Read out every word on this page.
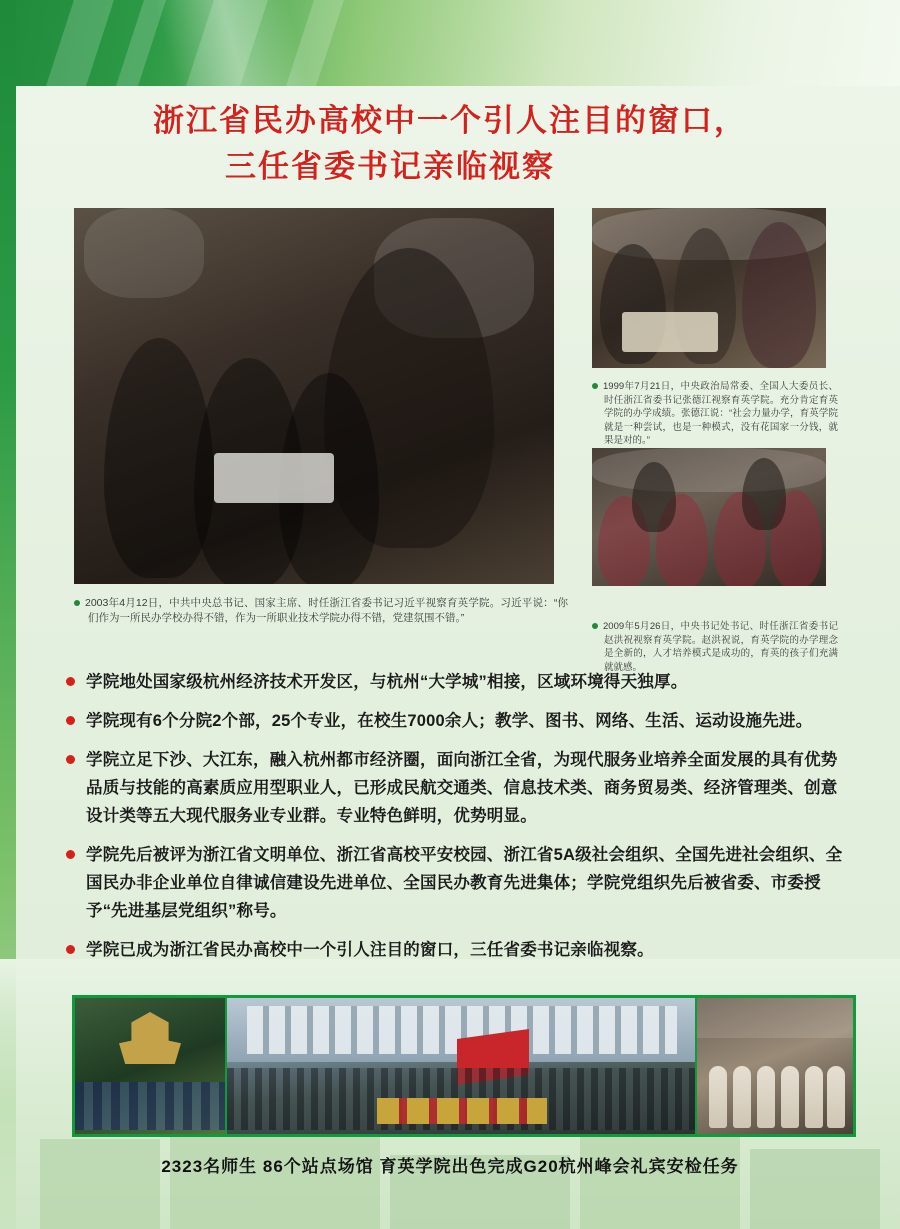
浙江省民办高校中一个引人注目的窗口，
三任省委书记亲临视察
2003年4月12日，中共中央总书记、国家主席、时任浙江省委书记习近平视察育英学院。习近平说：“你们作为一所民办学校办得不错，作为一所职业技术学院办得不错，党建氛围不错。”
1999年7月21日，中央政治局常委、全国人大委员长、时任浙江省委书记张德江视察育英学院。充分肯定育英学院的办学成绩。张德江说：“社会力量办学，育英学院就是一种尝试，也是一种模式，没有花国家一分钱，就果是对的。”
2009年5月26日，中央书记处书记、时任浙江省委书记赵洪祝视察育英学院。赵洪祝说，育英学院的办学理念是全新的，人才培养模式是成功的，育英的孩子们充满就就感。
学院地处国家级杭州经济技术开发区，与杭州“大学城”相接，区域环境得天独厚。
学院现有6个分院2个部，25个专业，在校生7000余人；教学、图书、网络、生活、运动设施先进。
学院立足下沙、大江东，融入杭州都市经济圈，面向浙江全省，为现代服务业培养全面发展的具有优势品质与技能的高素质应用型职业人，已形成民航交通类、信息技术类、商务贸易类、经济管理类、创意设计类等五大现代服务业专业群。专业特色鲜明，优势明显。
学院先后被评为浙江省文明单位、浙江省高校平安校园、浙江省5A级社会组织、全国先进社会组织、全国民办非企业单位自律诚信建设先进单位、全国民办教育先进集体；学院党组织先后被省委、市委授予“先进基层党组织”称号。
学院已成为浙江省民办高校中一个引人注目的窗口，三任省委书记亲临视察。
2323名师生 86个站点场馆 育英学院出色完成G20杭州峰会礼宾安检任务
